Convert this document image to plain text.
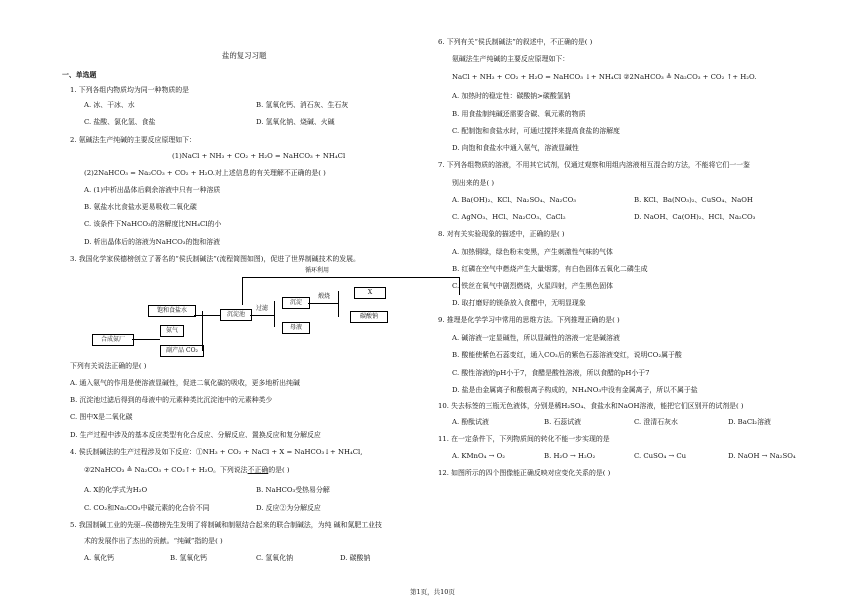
盐的复习习题
一、单选题
1. 下列各组内物质均为同一种物质的是
A. 冰、干冰、水	B. 氢氧化钙、消石灰、生石灰
C. 盐酸、氯化氢、食盐	D. 氢氧化钠、烧碱、火碱
2. 氨碱法生产纯碱的主要反应原理如下：
(1)NaCl + NH₃ + CO₂ + H₂O = NaHCO₃ + NH₄Cl
(2)2NaHCO₃ = Na₂CO₃ + CO₂ + H₂O.对上述信息的有关理解不正确的是( )
A. (1)中析出晶体后剩余溶液中只有一种溶质
B. 氨盐水比食盐水更易吸收二氧化碳
C. 该条件下NaHCO₃的溶解度比NH₄Cl的小
D. 析出晶体后的溶液为NaHCO₃的饱和溶液
3. 我国化学家侯德榜创立了著名的“侯氏制碱法”(流程简图如图)，促进了世界制碱技术的发展。
循环利用
饱和食盐水
氨气
合成氨厂
副产品 CO₂
沉淀池
过滤
沉淀
母液
煅烧
X
碳酸钠
下列有关说法正确的是( )
A. 通入氨气的作用是使溶液显碱性，促进二氧化碳的吸收，更多地析出纯碱
B. 沉淀池过滤后得到的母液中的元素种类比沉淀池中的元素种类少
C. 图中X是二氧化碳
D. 生产过程中涉及的基本反应类型有化合反应、分解反应、置换反应和复分解反应
4. 侯氏制碱法的生产过程涉及如下反应：①NH₃ + CO₂ + NaCl + X = NaHCO₃↓+ NH₄Cl,
②2NaHCO₃ ≜ Na₂CO₃ + CO₂↑+ H₂O。下列说法不正确的是( )
A. X的化学式为H₂O	B. NaHCO₃受热易分解
C. CO₂和Na₂CO₃中碳元素的化合价不同	D. 反应②为分解反应
5. 我国制碱工业的先驱--侯德榜先生发明了将制碱和制氨结合起来的联合制碱法，为纯 碱和氮肥工业技
术的发展作出了杰出的贡献。“纯碱”指的是( )
A. 氧化钙	B. 氢氧化钙	C. 氢氧化钠	D. 碳酸钠
6. 下列有关“侯氏制碱法”的叙述中，不正确的是( )
氨碱法生产纯碱的主要反应原理如下：
NaCl + NH₃ + CO₂ + H₂O = NaHCO₃ ↓+ NH₄Cl ②2NaHCO₃ ≜ Na₂CO₃ + CO₂ ↑+ H₂O.
A. 加热时的稳定性：碳酸钠>碳酸氢钠
B. 用食盐制纯碱还需要含碳、氧元素的物质
C. 配制饱和食盐水时，可通过搅拌来提高食盐的溶解度
D. 向饱和食盐水中通入氨气，溶液显碱性
7. 下列各组物质的溶液，不用其它试剂，仅通过观察和用组内溶液相互混合的方法，不能将它们一一鉴
别出来的是( )
A. Ba(OH)₂、KCl、Na₂SO₄、Na₂CO₃	B. KCl、Ba(NO₃)₂、CuSO₄、NaOH
C. AgNO₃、HCl、Na₂CO₃、CaCl₂	D. NaOH、Ca(OH)₂、HCl、Na₂CO₃
8. 对有关实验现象的描述中，正确的是( )
A. 加热铜绿，绿色粉末变黑，产生刺激性气味的气体
B. 红磷在空气中燃烧产生大量烟雾，有白色固体五氧化二磷生成
C. 铁丝在氧气中剧烈燃烧，火星四射，产生黑色固体
D. 取打磨好的镁条放入食醋中，无明显现象
9. 推理是化学学习中常用的思维方法。下列推理正确的是( )
A. 碱溶液一定显碱性，所以显碱性的溶液一定是碱溶液
B. 酸能使紫色石蕊变红，通入CO₂后的紫色石蕊溶液变红，说明CO₂属于酸
C. 酸性溶液的pH小于7，食醋是酸性溶液，所以食醋的pH小于7
D. 盐是由金属离子和酸根离子构成的，NH₄NO₃中没有金属离子，所以不属于盐
10. 失去标签的三瓶无色液体，分别是稀H₂SO₄、食盐水和NaOH溶液，能把它们区别开的试剂是( )
A. 酚酞试液	B. 石蕊试液	C. 澄清石灰水	D. BaCl₂溶液
11. 在一定条件下，下列物质间的转化不能一步实现的是
A. KMnO₄ → O₂	B. H₂O → H₂O₂	C. CuSO₄ → Cu	D. NaOH → Na₂SO₄
12. 如图所示的四个图像能正确反映对应变化关系的是( )
第1页，共10页
